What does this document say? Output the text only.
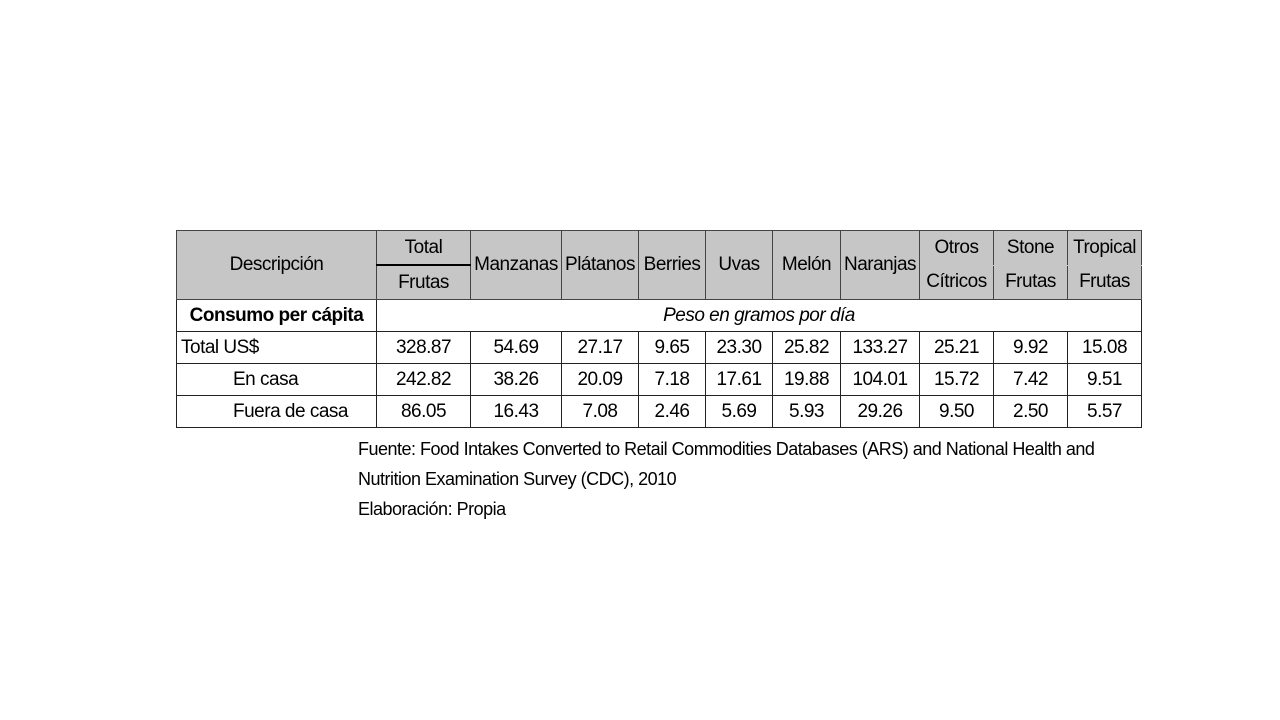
Descripción	Total	Manzanas	Plátanos	Berries	Uvas	Melón	Naranjas	Otros	Stone	Tropical
	Frutas							Cítricos	Frutas	Frutas
Consumo per cápita	Peso en gramos por día									
Total US$	328.87	54.69	27.17	9.65	23.30	25.82	133.27	25.21	9.92	15.08
En casa	242.82	38.26	20.09	7.18	17.61	19.88	104.01	15.72	7.42	9.51
Fuera de casa	86.05	16.43	7.08	2.46	5.69	5.93	29.26	9.50	2.50	5.57
Fuente: Food Intakes Converted to Retail Commodities Databases (ARS) and National Health and
Nutrition Examination Survey (CDC), 2010
Elaboración: Propia
